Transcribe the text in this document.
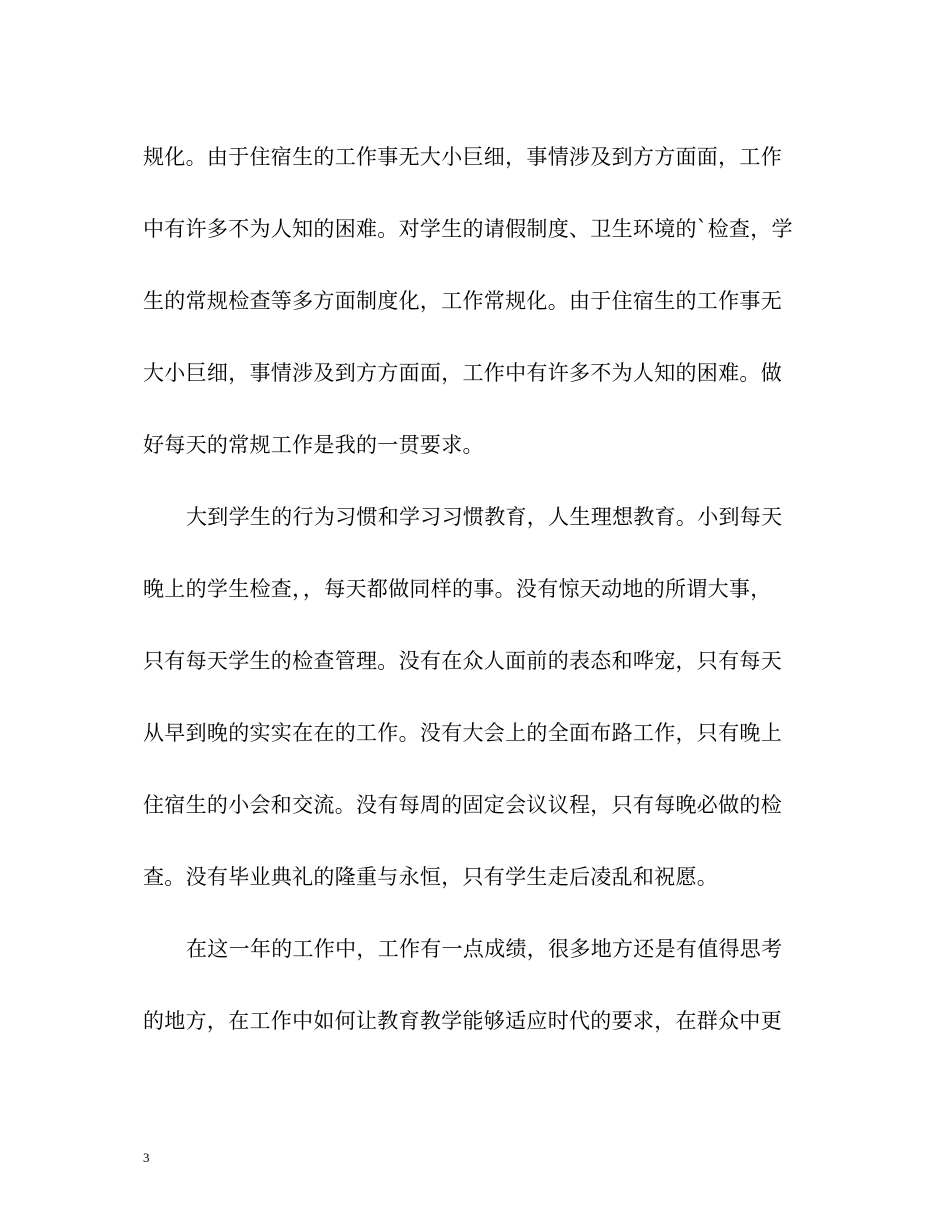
规化。由于住宿生的工作事无大小巨细，事情涉及到方方面面，工作
中有许多不为人知的困难。对学生的请假制度、卫生环境的`检查，学
生的常规检查等多方面制度化，工作常规化。由于住宿生的工作事无
大小巨细，事情涉及到方方面面，工作中有许多不为人知的困难。做
好每天的常规工作是我的一贯要求。
大到学生的行为习惯和学习习惯教育，人生理想教育。小到每天
晚上的学生检查，，每天都做同样的事。没有惊天动地的所谓大事，
只有每天学生的检查管理。没有在众人面前的表态和哗宠，只有每天
从早到晚的实实在在的工作。没有大会上的全面布路工作，只有晚上
住宿生的小会和交流。没有每周的固定会议议程，只有每晚必做的检
查。没有毕业典礼的隆重与永恒，只有学生走后凌乱和祝愿。
在这一年的工作中，工作有一点成绩，很多地方还是有值得思考
的地方，在工作中如何让教育教学能够适应时代的要求，在群众中更
3
